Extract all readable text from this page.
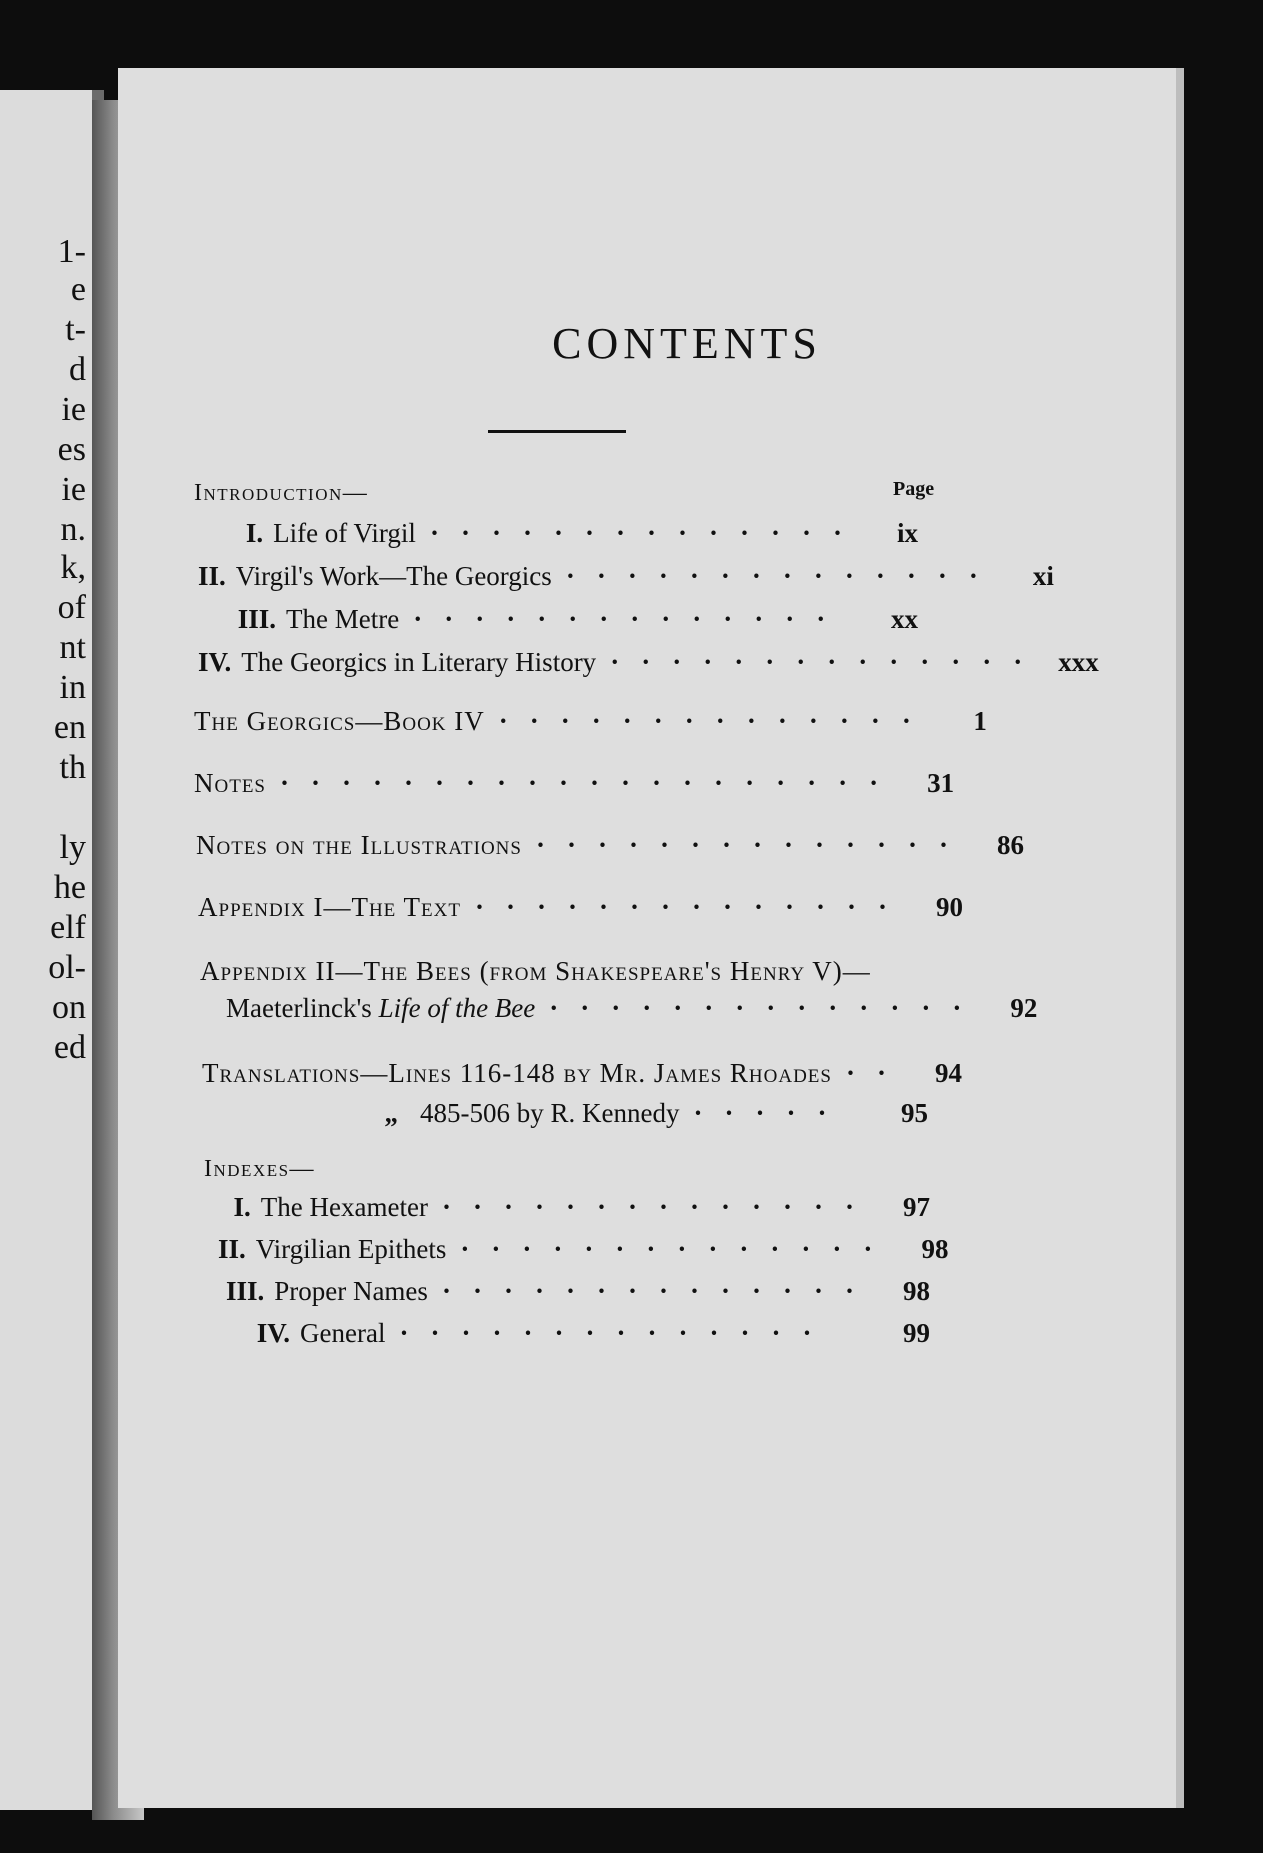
1-
e
t-
d
ie
es
ie
n.
k,
of
nt
in
en
th
ly
he
elf
ol-
on
ed
CONTENTS
Page
Introduction—
I. Life of Virgil ··············	ix
II. Virgil's Work—The Georgics ··············	xi
III. The Metre ··············	xx
IV. The Georgics in Literary History ·············· xxx
The Georgics—Book IV ··············	1
Notes ····················	31
Notes on the Illustrations ··············	86
Appendix I—The Text ··············	90
Appendix II—The Bees (from Shakespeare's Henry V)—
Maeterlinck's Life of the Bee ··············	92
Translations—Lines 116-148 by Mr. James Rhoades ··	94
„ 485-506 by R. Kennedy ·····	95
Indexes—
I. The Hexameter ··············	97
II. Virgilian Epithets ··············	98
III. Proper Names ··············	98
IV. General ··············	99
